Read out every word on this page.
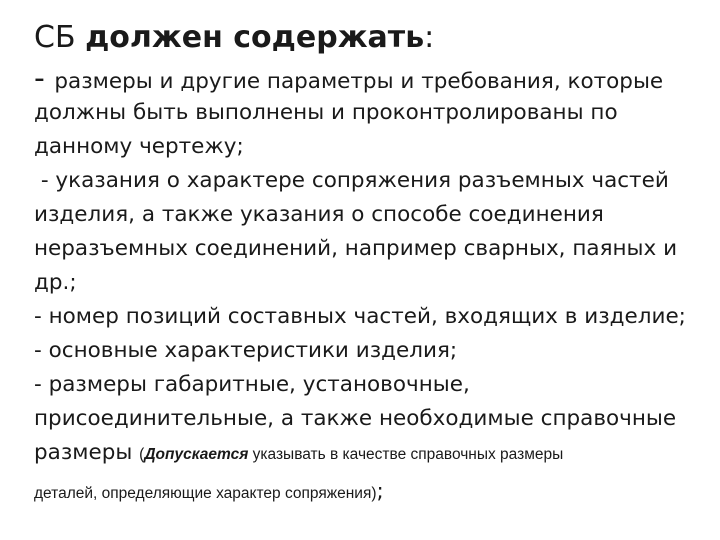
СБ должен содержать:
- размеры и другие параметры и требования, которые
должны быть выполнены и проконтролированы по
данному чертежу;
- указания о характере сопряжения разъемных частей
изделия, а также указания о способе соединения
неразъемных соединений, например сварных, паяных и
др.;
- номер позиций составных частей, входящих в изделие;
- основные характеристики изделия;
- размеры габаритные, установочные,
присоединительные, а также необходимые справочные
размеры (Допускается указывать в качестве справочных размеры
деталей, определяющие характер сопряжения);
